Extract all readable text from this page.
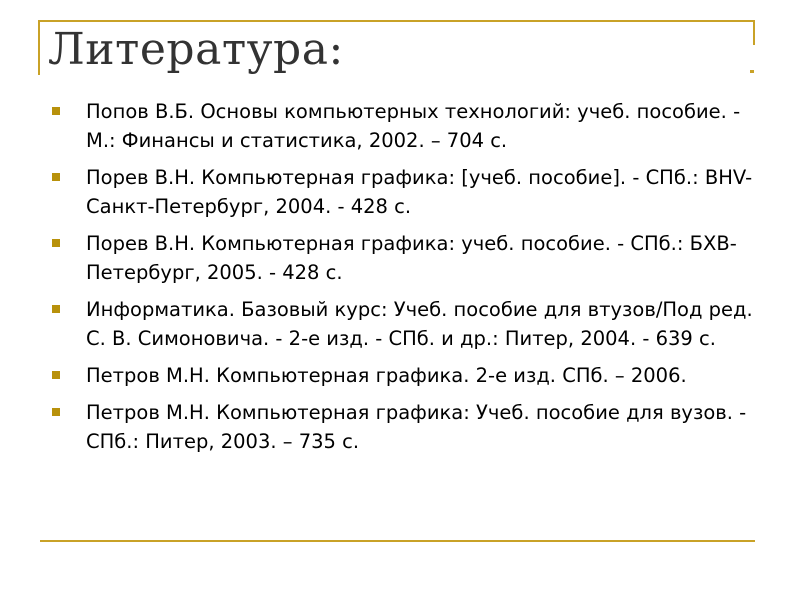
Литература:
Попов В.Б. Основы компьютерных технологий: учеб. пособие. - М.: Финансы и статистика, 2002. – 704 с.
Порев В.Н. Компьютерная графика: [учеб. пособие]. - СПб.: BHV-Санкт-Петербург, 2004. - 428 с.
Порев В.Н. Компьютерная графика: учеб. пособие. - СПб.: БХВ-Петербург, 2005. - 428 с.
Информатика. Базовый курс: Учеб. пособие для втузов/Под ред. С. В. Симоновича. - 2-е изд. - СПб. и др.: Питер, 2004. - 639 с.
Петров М.Н. Компьютерная графика. 2-е изд. СПб. – 2006.
Петров М.Н. Компьютерная графика: Учеб. пособие для вузов. - СПб.: Питер, 2003. – 735 с.
